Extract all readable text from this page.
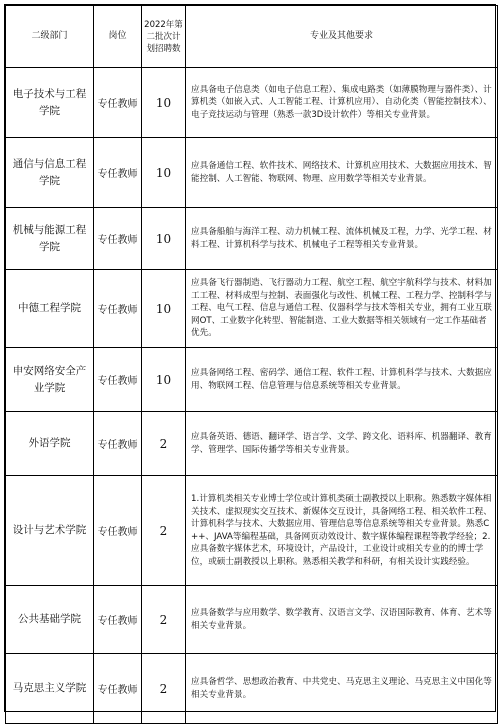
二级部门	岗位	2022年第
二批次计
划招聘数	专业及其他要求
电子技术与工程学院	专任教师	10	应具备电子信息类（如电子信息工程）、集成电路类（如薄膜物理与器件类）、计算机类（如嵌入式、人工智能工程、计算机应用）、自动化类（智能控制技术）、电子竞技运动与管理（熟悉一款3D设计软件）等相关专业背景。
通信与信息工程学院	专任教师	10	应具备通信工程、软件技术、网络技术、计算机应用技术、大数据应用技术、智能控制、人工智能、物联网、物理、应用数学等相关专业背景。
机械与能源工程学院	专任教师	10	应具备船舶与海洋工程、动力机械工程、流体机械及工程，力学、光学工程、材料工程、计算机科学与技术、机械电子工程等相关专业背景。
中德工程学院	专任教师	10	应具备飞行器制造、飞行器动力工程、航空工程、航空宇航科学与技术、材料加工工程、材料成型与控制、表面强化与改性、机械工程、工程力学、控制科学与工程、电气工程、信息与通信工程、仪器科学与技术等相关专业，拥有工业互联网OT、工业数字化转型、智能制造、工业大数据等相关领域有一定工作基础者优先。
申安网络安全产业学院	专任教师	10	应具备网络工程、密码学、通信工程、软件工程、计算机科学与技术、大数据应用、物联网工程、信息管理与信息系统等相关专业背景。
外语学院	专任教师	2	应具备英语、德语、翻译学、语言学、文学、跨文化、语料库、机器翻译、教育学、管理学、国际传播学等相关专业背景。
设计与艺术学院	专任教师	2	1.计算机类相关专业博士学位或计算机类硕士副教授以上职称。熟悉数字媒体相关技术、虚拟现实交互技术、新媒体交互设计，具备网络工程、相关软件工程、计算机科学与技术、大数据应用、管理信息等信息系统等相关专业背景。熟悉C++、JAVA等编程基础，具备网页动效设计、数字媒体编程课程等教学经验；2.应具备数字媒体艺术，环境设计，产品设计，工业设计或相关专业的的博士学位，或硕士副教授以上职称。熟悉相关教学和科研，有相关设计实践经验。
公共基础学院	专任教师	2	应具备数学与应用数学、数学教育、汉语言文学、汉语国际教育、体育、艺术等相关专业背景。
马克思主义学院	专任教师	2	应具备哲学、思想政治教育、中共党史、马克思主义理论、马克思主义中国化等相关专业背景。
